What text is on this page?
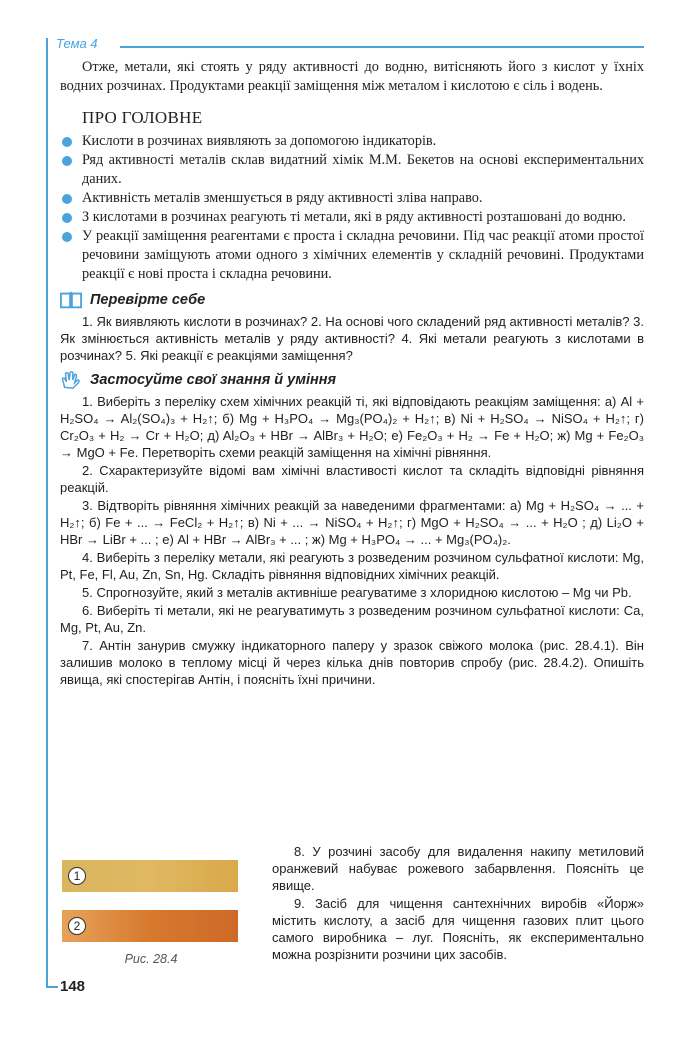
Тема 4

Отже, метали, які стоять у ряду активності до водню, витісняють його з кислот у їхніх водних розчинах. Продуктами реакції заміщення між металом і кислотою є сіль і водень.

ПРО ГОЛОВНЕ
Кислоти в розчинах виявляють за допомогою індикаторів.
Ряд активності металів склав видатний хімік М.М. Бекетов на основі експериментальних даних.
Активність металів зменшується в ряду активності зліва направо.
З кислотами в розчинах реагують ті метали, які в ряду активності розташовані до водню.
У реакції заміщення реагентами є проста і складна речовини. Під час реакції атоми простої речовини заміщують атоми одного з хімічних елементів у складній речовині. Продуктами реакції є нові проста і складна речовини.
Перевірте себе

1. Як виявляють кислоти в розчинах? 2. На основі чого складений ряд активності металів? 3. Як змінюється активність металів у ряду активності? 4. Які метали реагують з кислотами в розчинах? 5. Які реакції є реакціями заміщення?

Застосуйте свої знання й уміння

1. Виберіть з переліку схем хімічних реакцій ті, які відповідають реакціям заміщення: а) Al + H₂SO₄ → Al₂(SO₄)₃ + H₂↑; б) Mg + H₃PO₄ → Mg₃(PO₄)₂ + H₂↑; в) Ni + H₂SO₄ → NiSO₄ + H₂↑; г) Cr₂O₃ + H₂ → Cr + H₂O; д) Al₂O₃ + HBr → AlBr₃ + H₂O; е) Fe₂O₃ + H₂ → Fe + H₂O; ж) Mg + Fe₂O₃ → MgO + Fe. Перетворіть схеми реакцій заміщення на хімічні рівняння.

2. Схарактеризуйте відомі вам хімічні властивості кислот та складіть відповідні рівняння реакцій.

3. Відтворіть рівняння хімічних реакцій за наведеними фрагментами: а) Mg + H₂SO₄ → ... + H₂↑; б) Fe + ... → FeCl₂ + H₂↑; в) Ni + ... → NiSO₄ + H₂↑; г) MgO + H₂SO₄ → ... + H₂O ; д) Li₂O + HBr → LiBr + ... ; е) Al + HBr → AlBr₃ + ... ; ж) Mg + H₃PO₄ → ... + Mg₃(PO₄)₂.

4. Виберіть з переліку метали, які реагують з розведеним розчином сульфатної кислоти: Mg, Pt, Fe, Fl, Au, Zn, Sn, Hg. Складіть рівняння відповідних хімічних реакцій.

5. Спрогнозуйте, який з металів активніше реагуватиме з хлоридною кислотою – Mg чи Pb.

6. Виберіть ті метали, які не реагуватимуть з розведеним розчином сульфатної кислоти: Ca, Mg, Pt, Au, Zn.

7. Антін занурив смужку індикаторного паперу у зразок свіжого молока (рис. 28.4.1). Він залишив молоко в теплому місці й через кілька днів повторив спробу (рис. 28.4.2). Опишіть явища, які спостерігав Антін, і поясніть їхні причини.

1
2
Рис. 28.4

8. У розчині засобу для видалення накипу метиловий оранжевий набуває рожевого забарвлення. Поясніть це явище.

9. Засіб для чищення сантехнічних виробів «Йорж» містить кислоту, а засіб для чищення газових плит цього самого виробника – луг. Поясніть, як експериментально можна розрізнити розчини цих засобів.

148
